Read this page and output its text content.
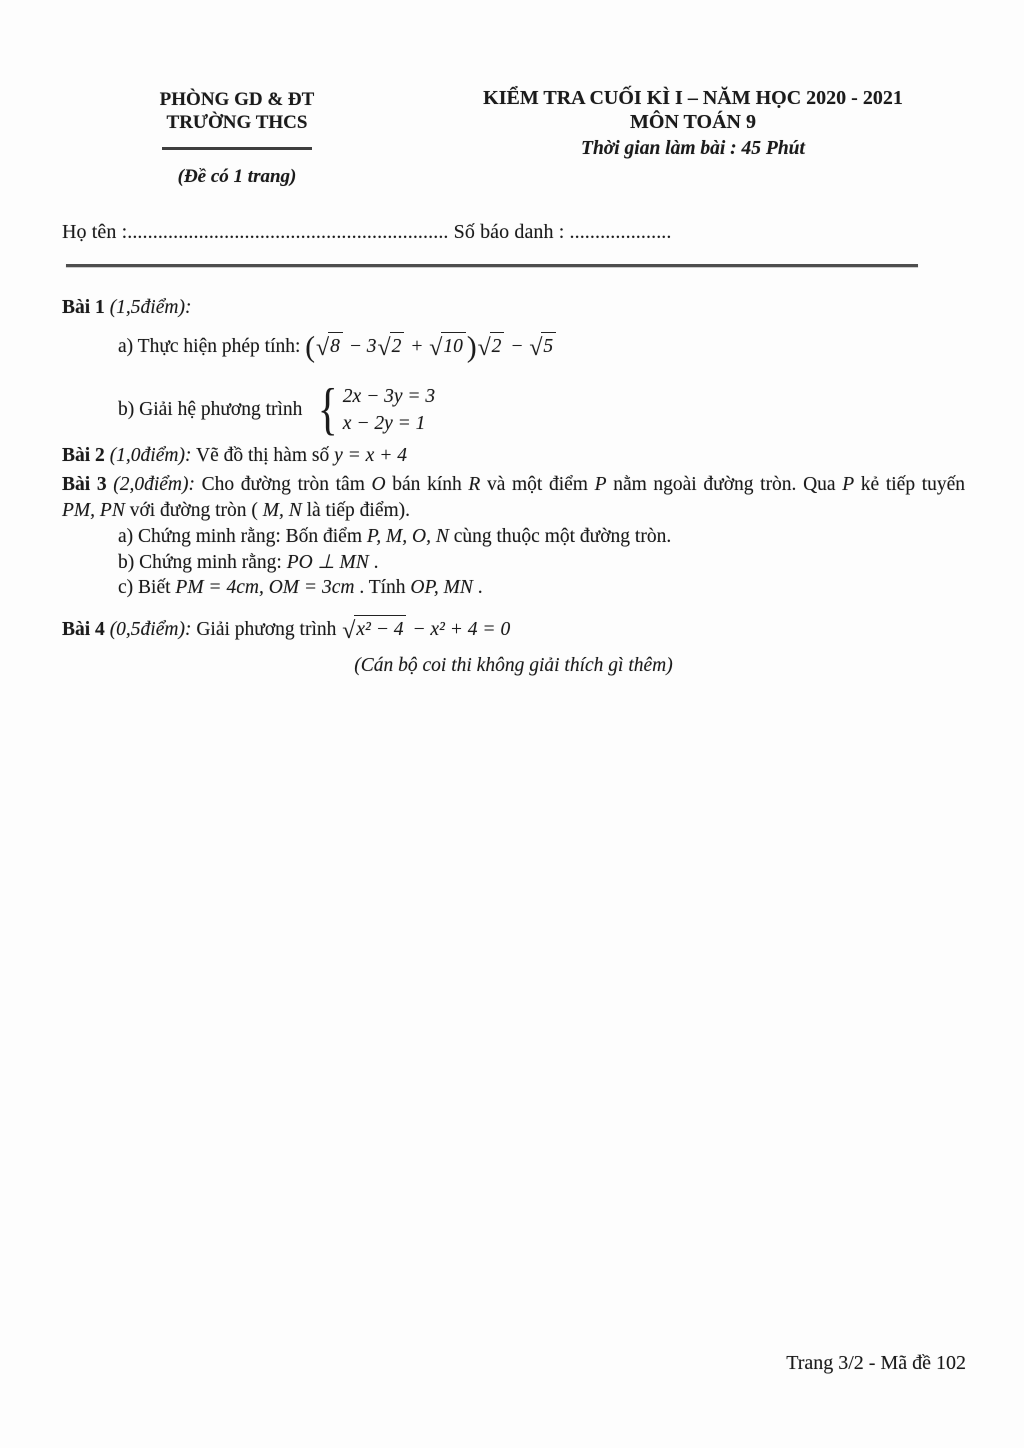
PHÒNG GD & ĐT
TRƯỜNG THCS
(Đề có 1 trang)
KIỂM TRA CUỐI KÌ I – NĂM HỌC 2020 - 2021
MÔN TOÁN 9
Thời gian làm bài : 45 Phút
Họ tên :............................................................... Số báo danh : ....................

Bài 1 (1,5điểm):

a) Thực hiện phép tính: (√8 − 3√2 + √10 )√2 − √5
b) Giải hệ phương trình { 2x − 3y = 3
x − 2y = 1

Bài 2 (1,0điểm): Vẽ đồ thị hàm số y = x + 4

Bài 3 (2,0điểm): Cho đường tròn tâm O bán kính R và một điểm P nằm ngoài đường tròn. Qua P kẻ tiếp tuyến PM, PN với đường tròn ( M, N là tiếp điểm).

a) Chứng minh rằng: Bốn điểm P, M, O, N cùng thuộc một đường tròn.

b) Chứng minh rằng: PO ⊥ MN .

c) Biết PM = 4cm, OM = 3cm . Tính OP, MN .

Bài 4
(0,5điểm):
Giải phương trình √x² − 4 − x² + 4 = 0

(Cán bộ coi thi không giải thích gì thêm)

Trang 3/2 - Mã đề 102
